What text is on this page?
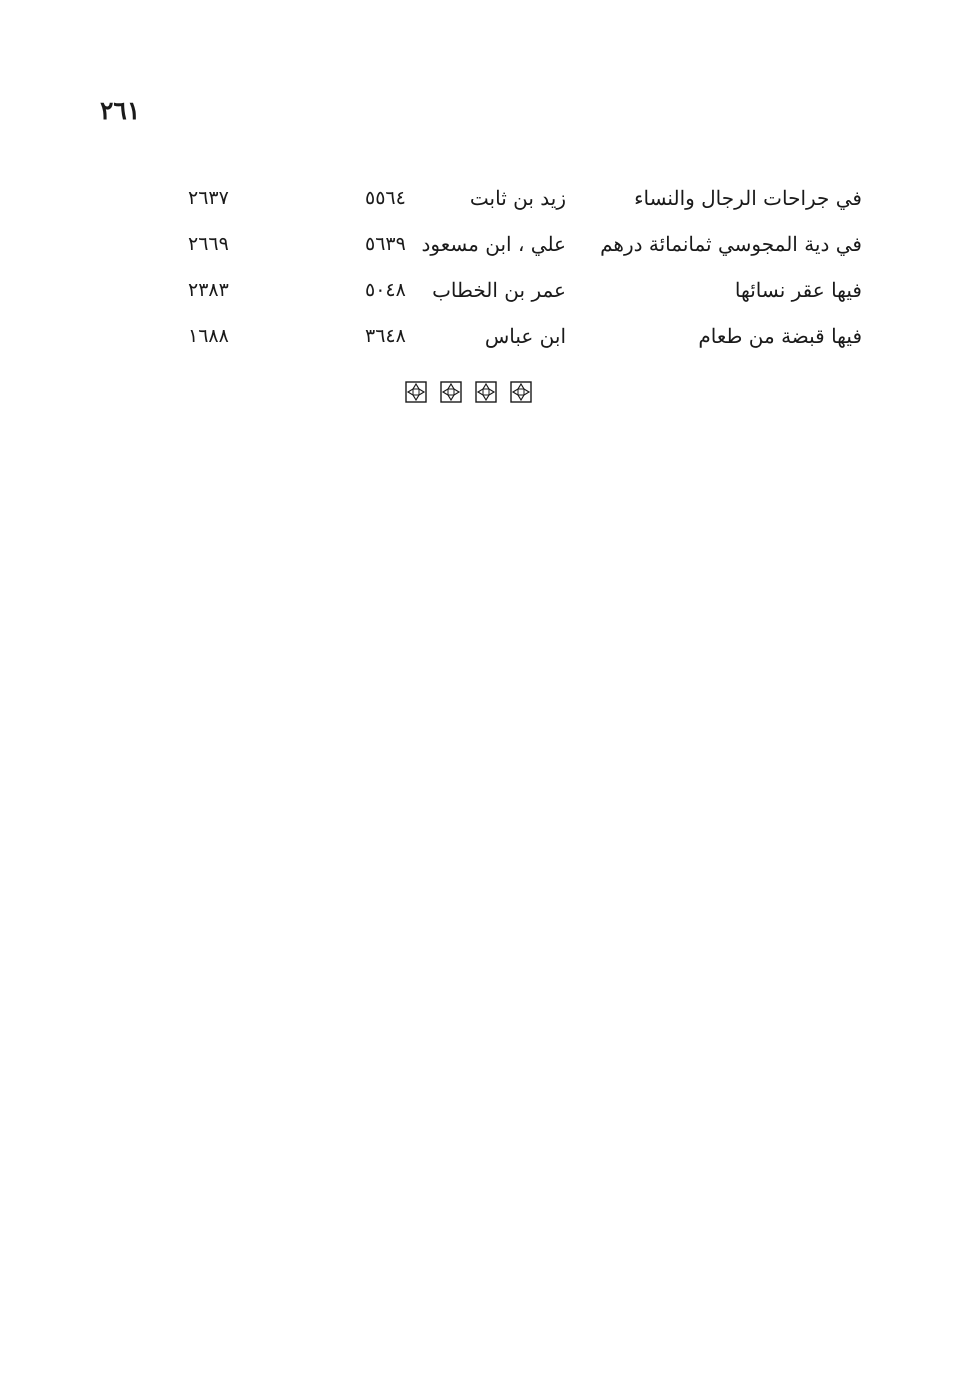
٢٦١
في جراحات الرجال والنساء
زيد بن ثابت
٥٥٦٤
٢٦٣٧
في دية المجوسي ثمانمائة درهم
علي ، ابن مسعود
٥٦٣٩
٢٦٦٩
فيها عقر نسائها
عمر بن الخطاب
٥٠٤٨
٢٣٨٣
فيها قبضة من طعام
ابن عباس
٣٦٤٨
١٦٨٨
